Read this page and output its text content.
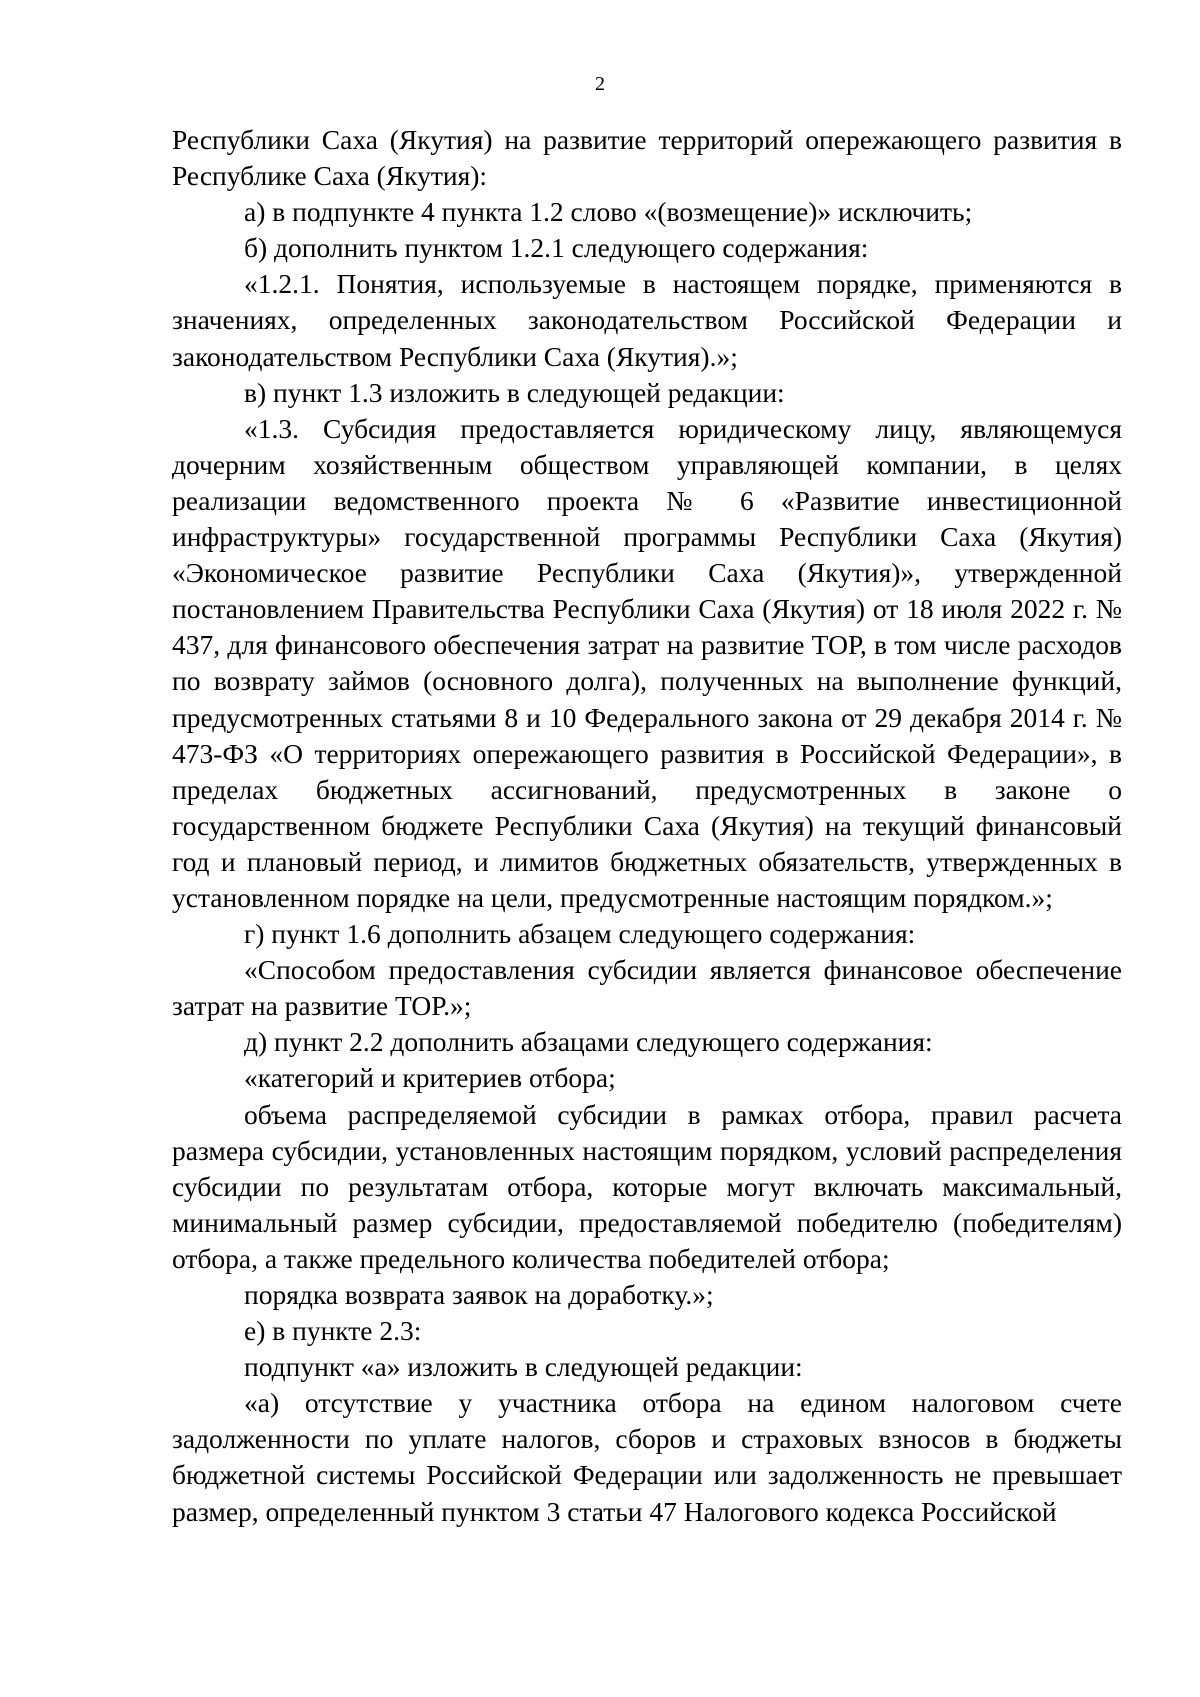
2

Республики Саха (Якутия) на развитие территорий опережающего развития в Республике Саха (Якутия):

а) в подпункте 4 пункта 1.2 слово «(возмещение)» исключить;

б) дополнить пунктом 1.2.1 следующего содержания:

«1.2.1. Понятия, используемые в настоящем порядке, применяются в значениях, определенных законодательством Российской Федерации и законодательством Республики Саха (Якутия).»;

в) пункт 1.3 изложить в следующей редакции:

«1.3. Субсидия предоставляется юридическому лицу, являющемуся дочерним хозяйственным обществом управляющей компании, в целях реализации ведомственного проекта № 6 «Развитие инвестиционной инфраструктуры» государственной программы Республики Саха (Якутия) «Экономическое развитие Республики Саха (Якутия)», утвержденной постановлением Правительства Республики Саха (Якутия) от 18 июля 2022 г. № 437, для финансового обеспечения затрат на развитие ТОР, в том числе расходов по возврату займов (основного долга), полученных на выполнение функций, предусмотренных статьями 8 и 10 Федерального закона от 29 декабря 2014 г. № 473-ФЗ «О территориях опережающего развития в Российской Федерации», в пределах бюджетных ассигнований, предусмотренных в законе о государственном бюджете Республики Саха (Якутия) на текущий финансовый год и плановый период, и лимитов бюджетных обязательств, утвержденных в установленном порядке на цели, предусмотренные настоящим порядком.»;

г) пункт 1.6 дополнить абзацем следующего содержания:

«Способом предоставления субсидии является финансовое обеспечение затрат на развитие ТОР.»;

д) пункт 2.2 дополнить абзацами следующего содержания:

«категорий и критериев отбора;

объема распределяемой субсидии в рамках отбора, правил расчета размера субсидии, установленных настоящим порядком, условий распределения субсидии по результатам отбора, которые могут включать максимальный, минимальный размер субсидии, предоставляемой победителю (победителям) отбора, а также предельного количества победителей отбора;

порядка возврата заявок на доработку.»;

е) в пункте 2.3:

подпункт «а» изложить в следующей редакции:

«а) отсутствие у участника отбора на едином налоговом счете задолженности по уплате налогов, сборов и страховых взносов в бюджеты бюджетной системы Российской Федерации или задолженность не превышает размер, определенный пунктом 3 статьи 47 Налогового кодекса Российской
